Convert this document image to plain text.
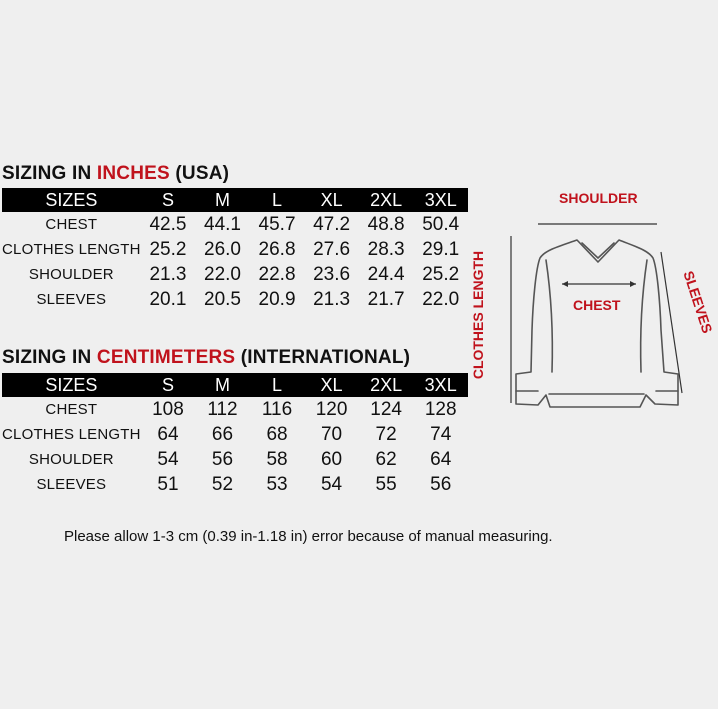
SIZING IN INCHES (USA)
SIZES	S	M	L	XL	2XL	3XL
CHEST	42.5	44.1	45.7	47.2	48.8	50.4
CLOTHES LENGTH	25.2	26.0	26.8	27.6	28.3	29.1
SHOULDER	21.3	22.0	22.8	23.6	24.4	25.2
SLEEVES	20.1	20.5	20.9	21.3	21.7	22.0
SIZING IN CENTIMETERS (INTERNATIONAL)
SIZES	S	M	L	XL	2XL	3XL
CHEST	108	112	116	120	124	128
CLOTHES LENGTH	64	66	68	70	72	74
SHOULDER	54	56	58	60	62	64
SLEEVES	51	52	53	54	55	56
SHOULDER
CHEST
CLOTHES LENGTH	SLEEVES
Please allow 1-3 cm (0.39 in-1.18 in) error because of manual measuring.
